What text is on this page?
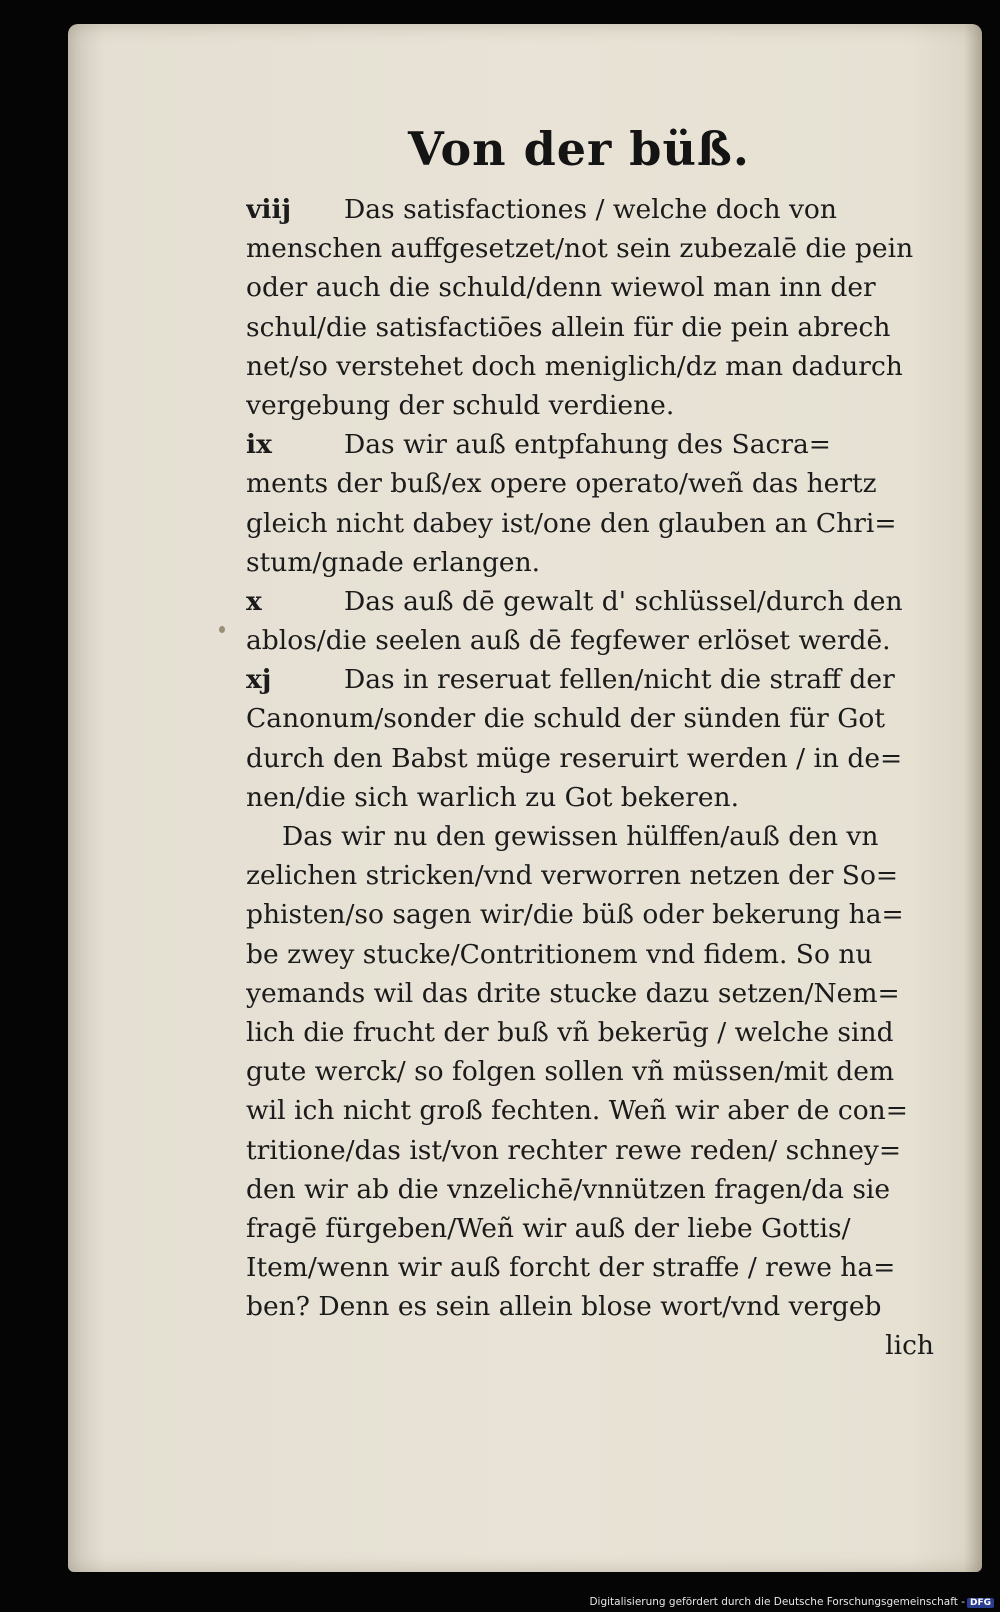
Von der büß.
viij Das satisfactiones / welche doch von
menschen auffgesetzet/not sein zubezalē die pein
oder auch die schuld/denn wiewol man inn der
schul/die satisfactiōes allein für die pein abrech
net/so verstehet doch meniglich/dz man dadurch
vergebung der schuld verdiene.
ix	Das wir auß entpfahung des Sacra=
ments der buß/ex opere operato/weñ das hertz
gleich nicht dabey ist/one den glauben an Chri=
stum/gnade erlangen.
x	Das auß dē gewalt d' schlüssel/durch den
ablos/die seelen auß dē fegfewer erlöset werdē.
xj	Das in reseruat fellen/nicht die straff der
Canonum/sonder die schuld der sünden für Got
durch den Babst müge reseruirt werden / in de=
nen/die sich warlich zu Got bekeren.
Das wir nu den gewissen hülffen/auß den vn
zelichen stricken/vnd verworren netzen der So=
phisten/so sagen wir/die büß oder bekerung ha=
be zwey stucke/Contritionem vnd fidem. So nu
yemands wil das drite stucke dazu setzen/Nem=
lich die frucht der buß vñ bekerūg / welche sind
gute werck/ so folgen sollen vñ müssen/mit dem
wil ich nicht groß fechten. Weñ wir aber de con=
tritione/das ist/von rechter rewe reden/ schney=
den wir ab die vnzelichē/vnnützen fragen/da sie
fragē fürgeben/Weñ wir auß der liebe Gottis/
Item/wenn wir auß forcht der straffe / rewe ha=
ben? Denn es sein allein blose wort/vnd vergeb
lich
Digitalisierung gefördert durch die Deutsche Forschungsgemeinschaft - DFG
